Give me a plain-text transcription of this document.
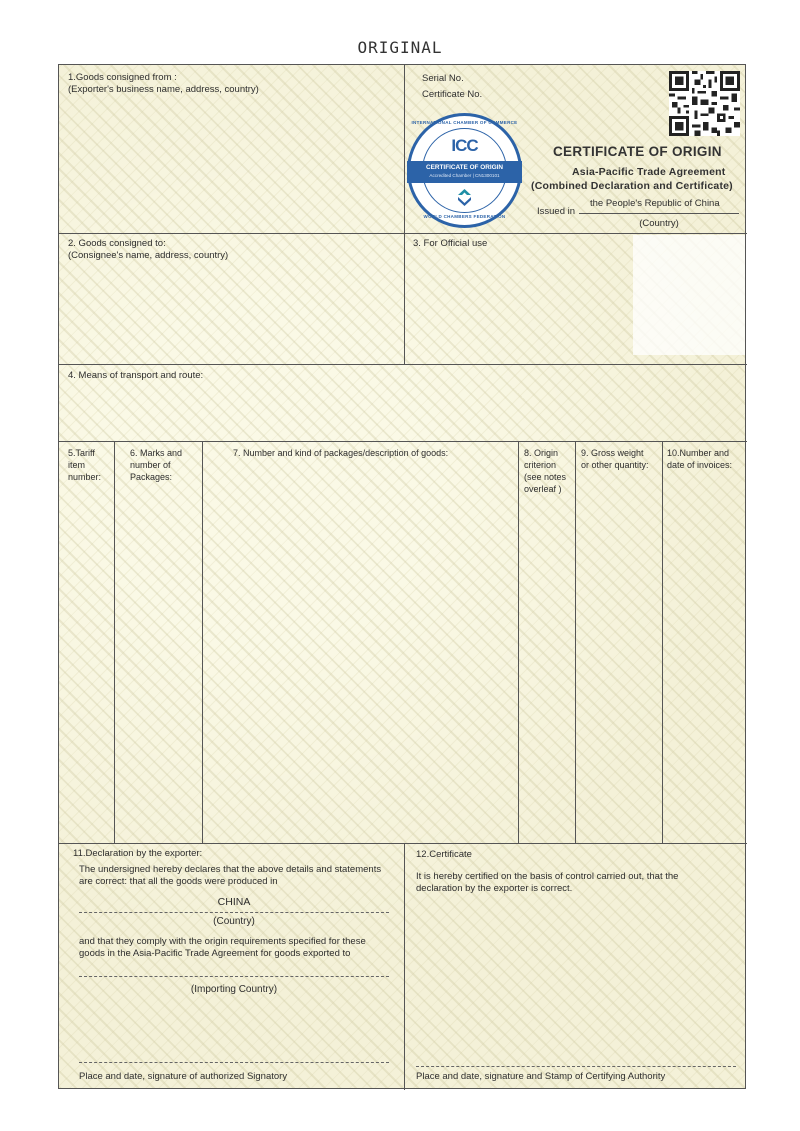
ORIGINAL
1.Goods consigned from :
(Exporter's business name, address, country)
Serial No.
Certificate No.
INTERNATIONAL CHAMBER OF COMMERCE
ICC
CERTIFICATE OF ORIGIN
Accredited Chamber | CN1300101
WORLD CHAMBERS FEDERATION
CERTIFICATE OF ORIGIN
Asia-Pacific Trade Agreement
(Combined Declaration and Certificate)
Issued in
the People's Republic of China
(Country)
2. Goods consigned to:
(Consignee's name, address, country)
3. For Official use
4. Means of transport and route:
5.Tariff
item
number:
6. Marks and
number of
Packages:
7. Number and kind of packages/description of goods:	8. Origin
criterion
(see notes
overleaf )
9. Gross weight
or other quantity:
10.Number and
date of invoices:
11.Declaration by the exporter:
The undersigned hereby declares that the above details and statements
are correct: that all the goods were produced in
CHINA
(Country)
and that they comply with the origin requirements specified for these
goods in the Asia-Pacific Trade Agreement for goods exported to
(Importing Country)
Place and date, signature of authorized Signatory
12.Certificate
It is hereby certified on the basis of control carried out, that the
declaration by the exporter is correct.
Place and date, signature and Stamp of Certifying Authority
